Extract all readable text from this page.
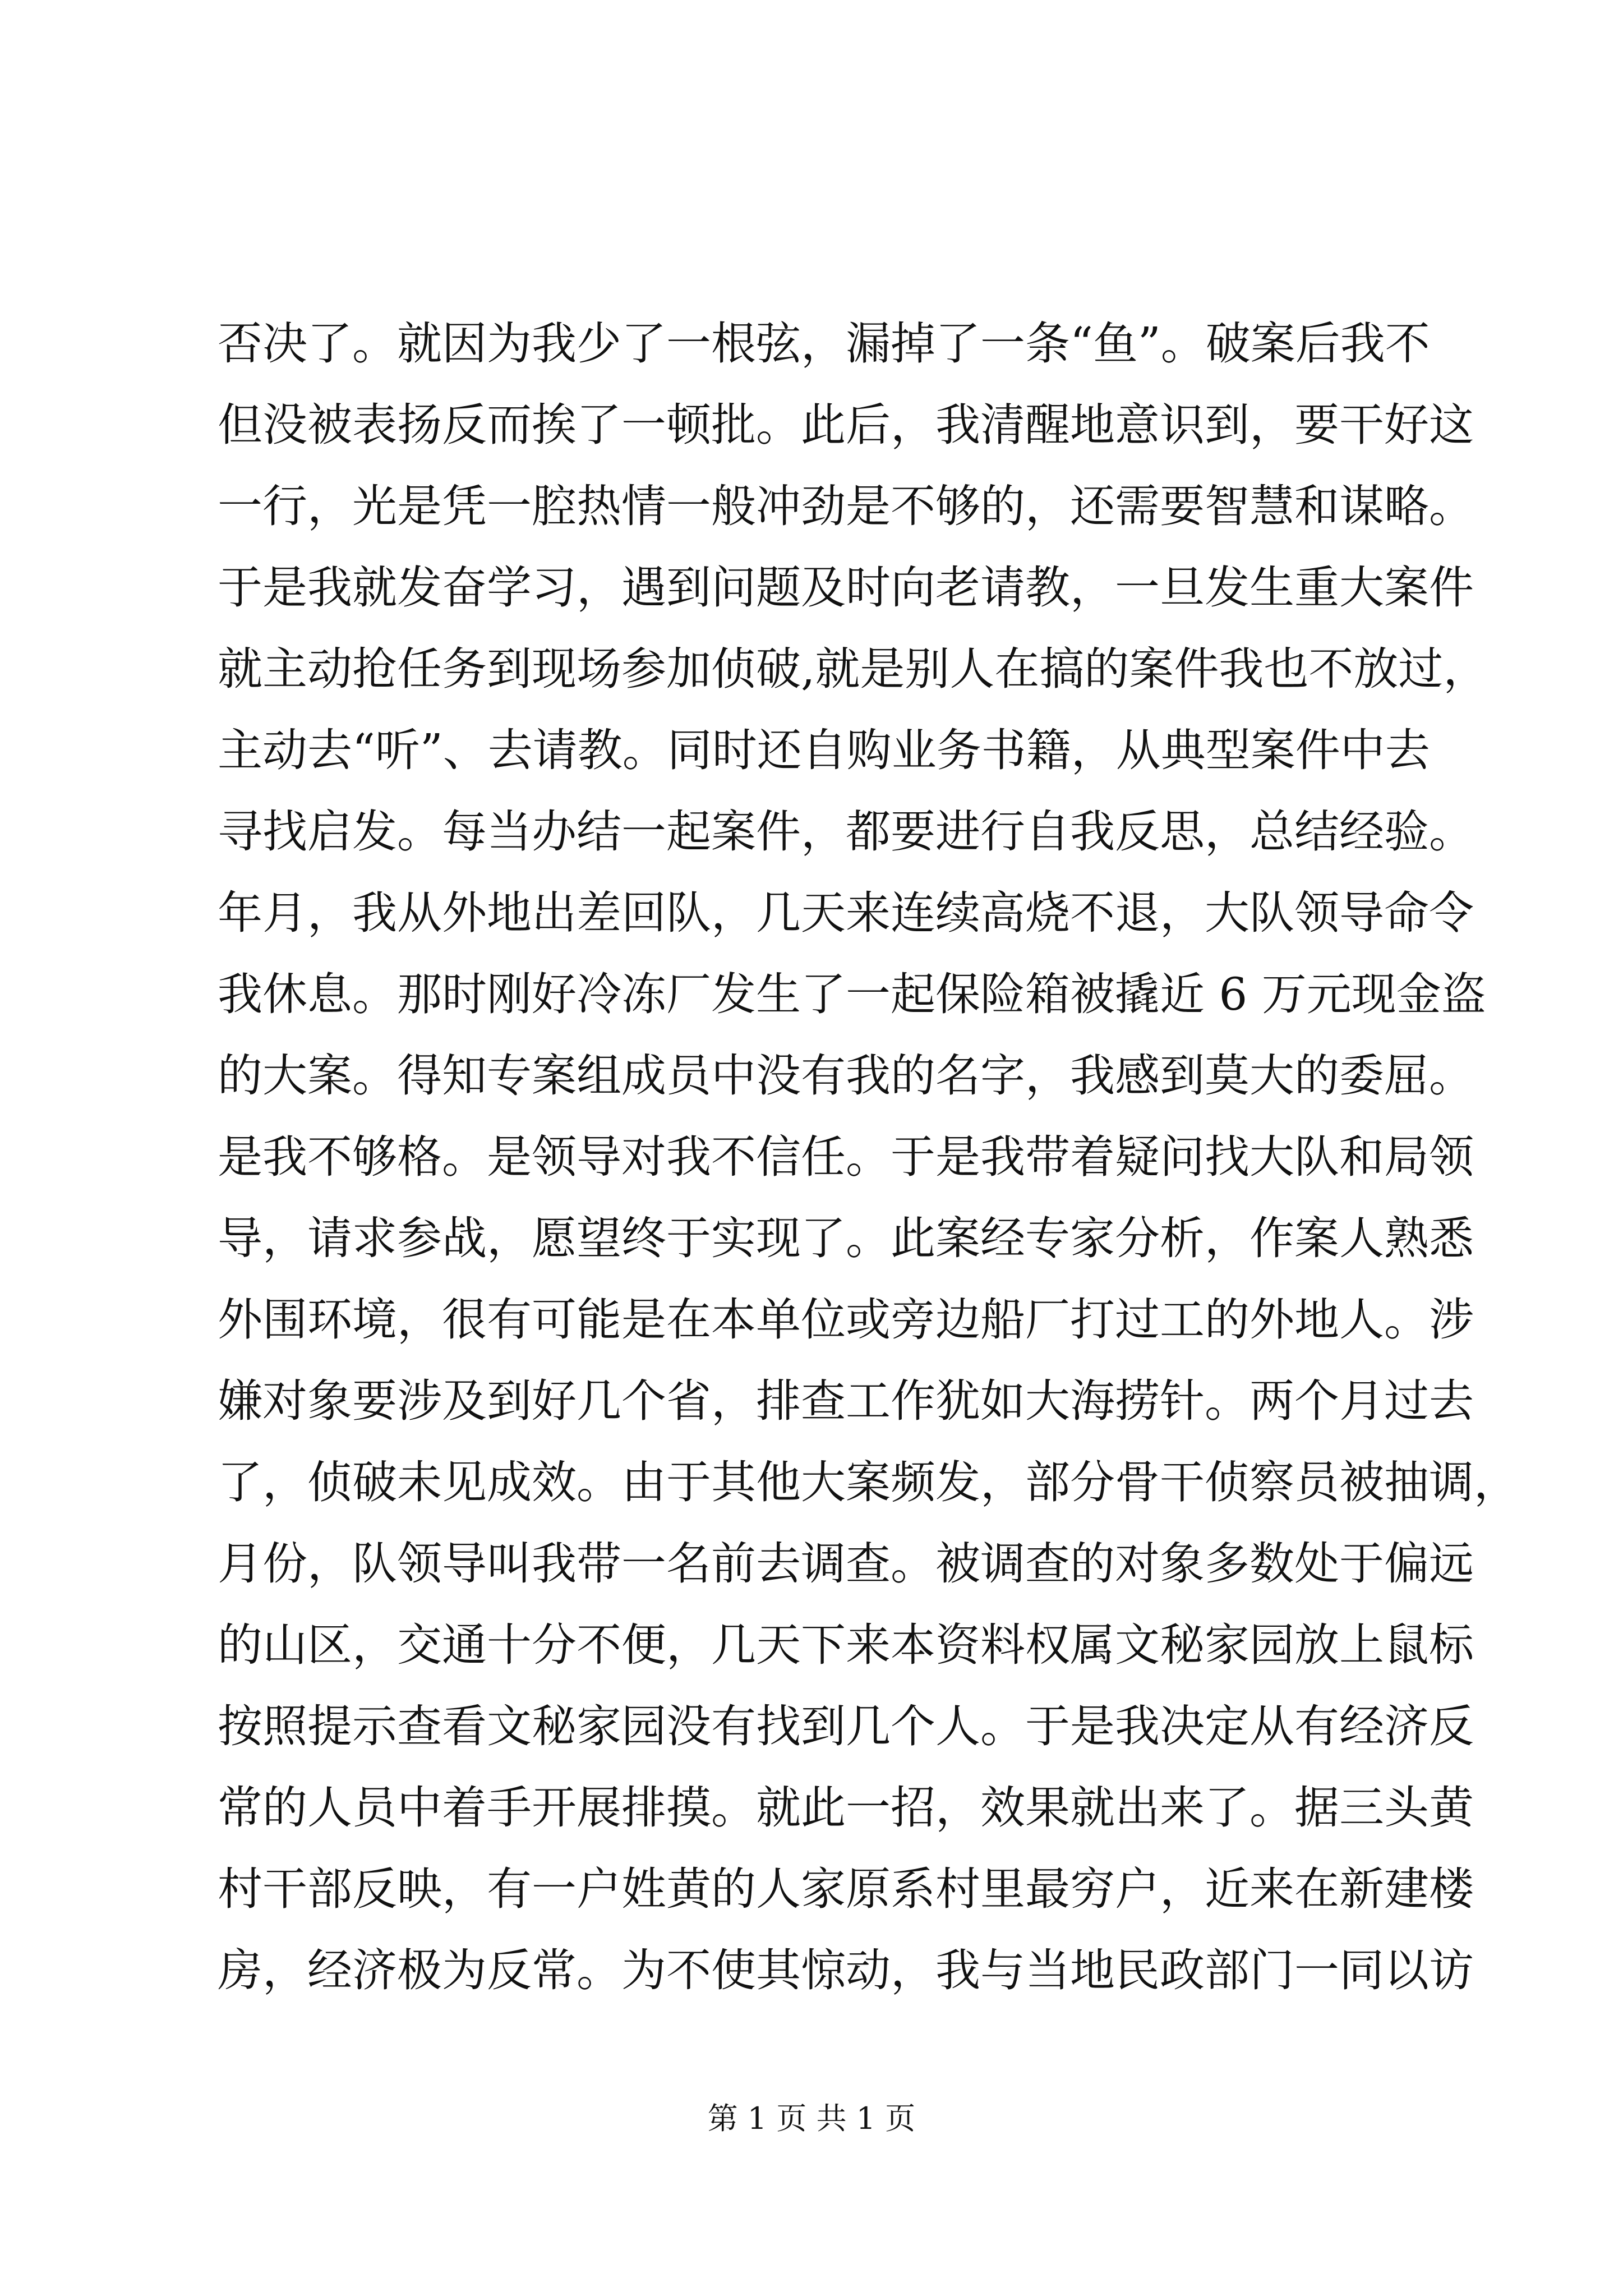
否决了。就因为我少了一根弦，漏掉了一条“鱼”。破案后我不
但没被表扬反而挨了一顿批。此后，我清醒地意识到，要干好这
一行，光是凭一腔热情一般冲劲是不够的，还需要智慧和谋略。
于是我就发奋学习，遇到问题及时向老请教，一旦发生重大案件
就主动抢任务到现场参加侦破,就是别人在搞的案件我也不放过，
主动去“听”、去请教。同时还自购业务书籍，从典型案件中去
寻找启发。每当办结一起案件，都要进行自我反思，总结经验。
年月，我从外地出差回队，几天来连续高烧不退，大队领导命令
我休息。那时刚好冷冻厂发生了一起保险箱被撬近 6 万元现金盗
的大案。得知专案组成员中没有我的名字，我感到莫大的委屈。
是我不够格。是领导对我不信任。于是我带着疑问找大队和局领
导，请求参战，愿望终于实现了。此案经专家分析，作案人熟悉
外围环境，很有可能是在本单位或旁边船厂打过工的外地人。涉
嫌对象要涉及到好几个省，排查工作犹如大海捞针。两个月过去
了，侦破未见成效。由于其他大案频发，部分骨干侦察员被抽调，
月份，队领导叫我带一名前去调查。被调查的对象多数处于偏远
的山区，交通十分不便，几天下来本资料权属文秘家园放上鼠标
按照提示查看文秘家园没有找到几个人。于是我决定从有经济反
常的人员中着手开展排摸。就此一招，效果就出来了。据三头黄
村干部反映，有一户姓黄的人家原系村里最穷户，近来在新建楼
房，经济极为反常。为不使其惊动，我与当地民政部门一同以访
第 1 页 共 1 页
